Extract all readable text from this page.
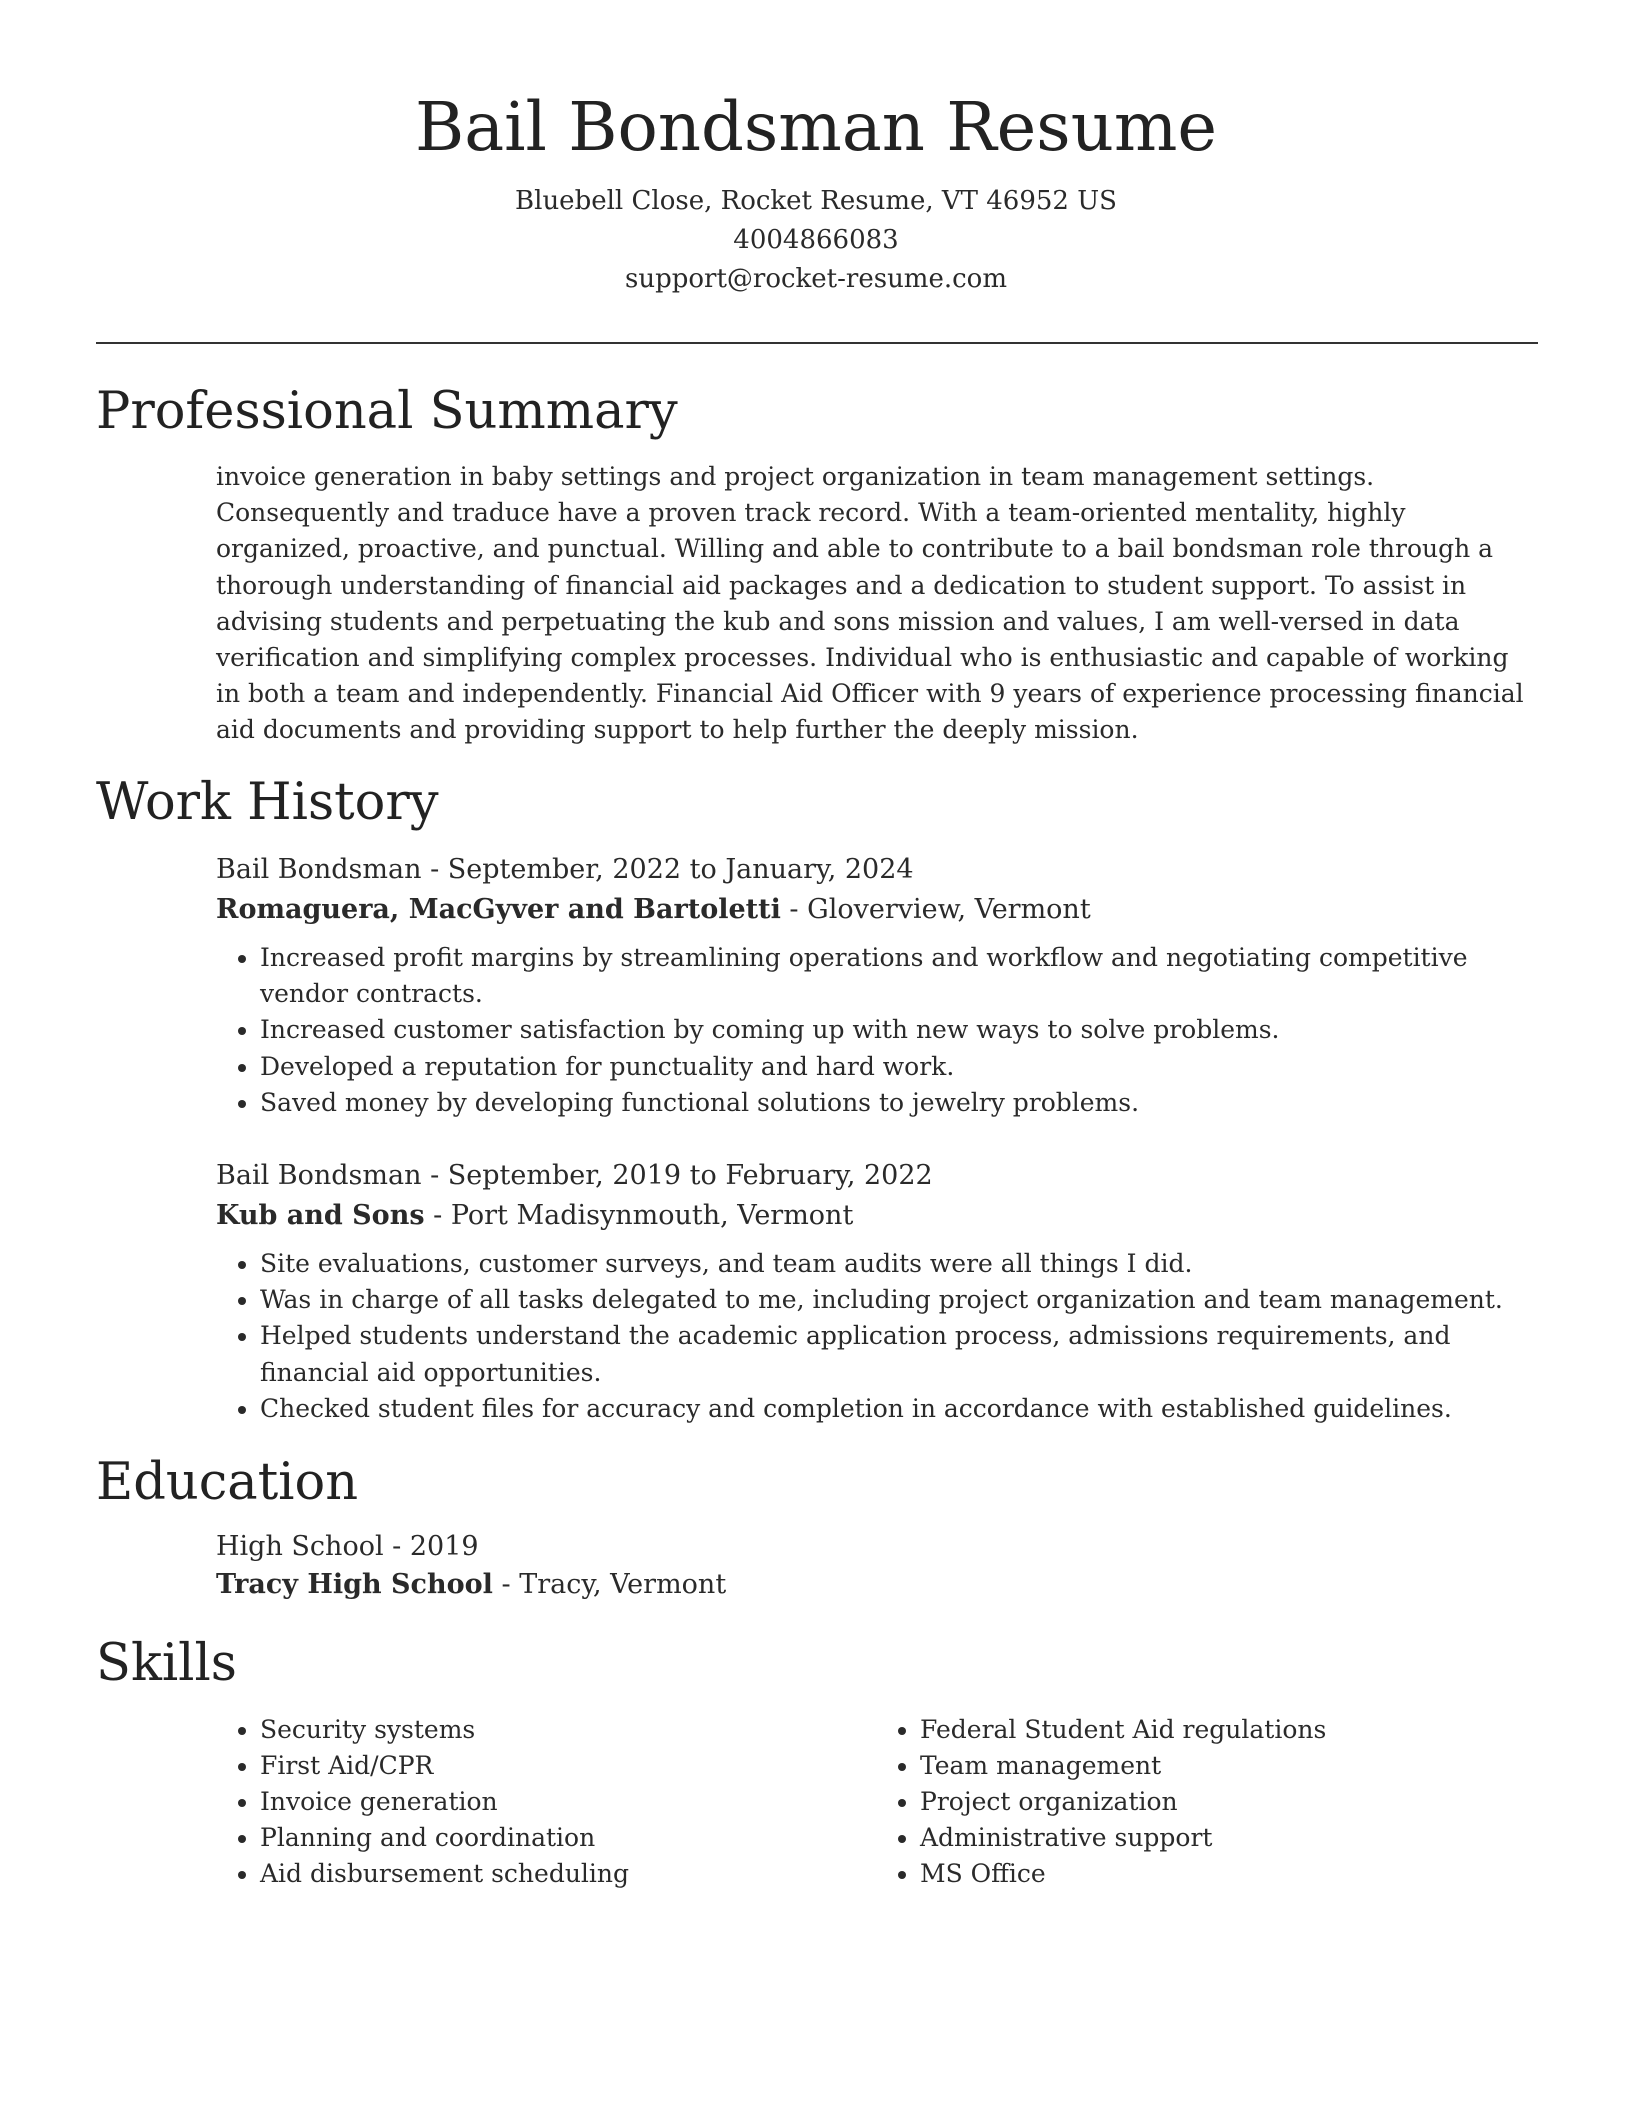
Bail Bondsman Resume
Bluebell Close, Rocket Resume, VT 46952 US
4004866083
support@rocket-resume.com
Professional Summary
invoice generation in baby settings and project organization in team management settings. Consequently and traduce have a proven track record. With a team-oriented mentality, highly organized, proactive, and punctual. Willing and able to contribute to a bail bondsman role through a thorough understanding of financial aid packages and a dedication to student support. To assist in advising students and perpetuating the kub and sons mission and values, I am well-versed in data verification and simplifying complex processes. Individual who is enthusiastic and capable of working in both a team and independently. Financial Aid Officer with 9 years of experience processing financial aid documents and providing support to help further the deeply mission.
Work History
Bail Bondsman - September, 2022 to January, 2024
Romaguera, MacGyver and Bartoletti - Gloverview, Vermont
• Increased profit margins by streamlining operations and workflow and negotiating competitive vendor contracts.
• Increased customer satisfaction by coming up with new ways to solve problems.
• Developed a reputation for punctuality and hard work.
• Saved money by developing functional solutions to jewelry problems.
Bail Bondsman - September, 2019 to February, 2022
Kub and Sons - Port Madisynmouth, Vermont
• Site evaluations, customer surveys, and team audits were all things I did.
• Was in charge of all tasks delegated to me, including project organization and team management.
• Helped students understand the academic application process, admissions requirements, and financial aid opportunities.
• Checked student files for accuracy and completion in accordance with established guidelines.
Education
High School - 2019
Tracy High School - Tracy, Vermont
Skills
• Security systems
• First Aid/CPR
• Invoice generation
• Planning and coordination
• Aid disbursement scheduling
• Federal Student Aid regulations
• Team management
• Project organization
• Administrative support
• MS Office
